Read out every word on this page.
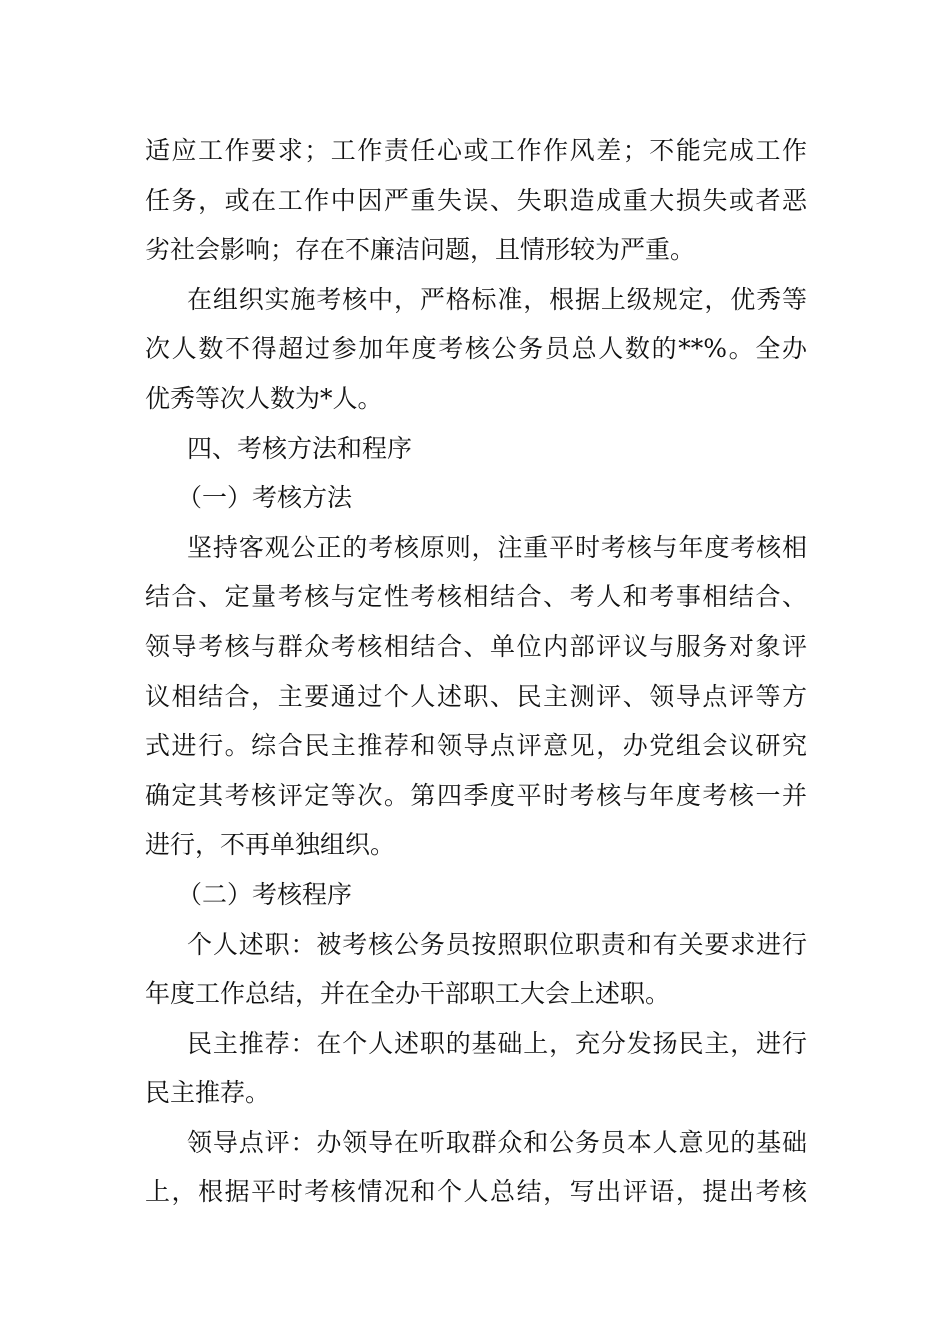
适应工作要求；工作责任心或工作作风差；不能完成工作
任务，或在工作中因严重失误、失职造成重大损失或者恶
劣社会影响；存在不廉洁问题，且情形较为严重。
在组织实施考核中，严格标准，根据上级规定，优秀等
次人数不得超过参加年度考核公务员总人数的**%。全办
优秀等次人数为*人。
四、考核方法和程序
（一）考核方法
坚持客观公正的考核原则，注重平时考核与年度考核相
结合、定量考核与定性考核相结合、考人和考事相结合、
领导考核与群众考核相结合、单位内部评议与服务对象评
议相结合，主要通过个人述职、民主测评、领导点评等方
式进行。综合民主推荐和领导点评意见，办党组会议研究
确定其考核评定等次。第四季度平时考核与年度考核一并
进行，不再单独组织。
（二）考核程序
个人述职：被考核公务员按照职位职责和有关要求进行
年度工作总结，并在全办干部职工大会上述职。
民主推荐：在个人述职的基础上，充分发扬民主，进行
民主推荐。
领导点评：办领导在听取群众和公务员本人意见的基础
上，根据平时考核情况和个人总结，写出评语，提出考核
